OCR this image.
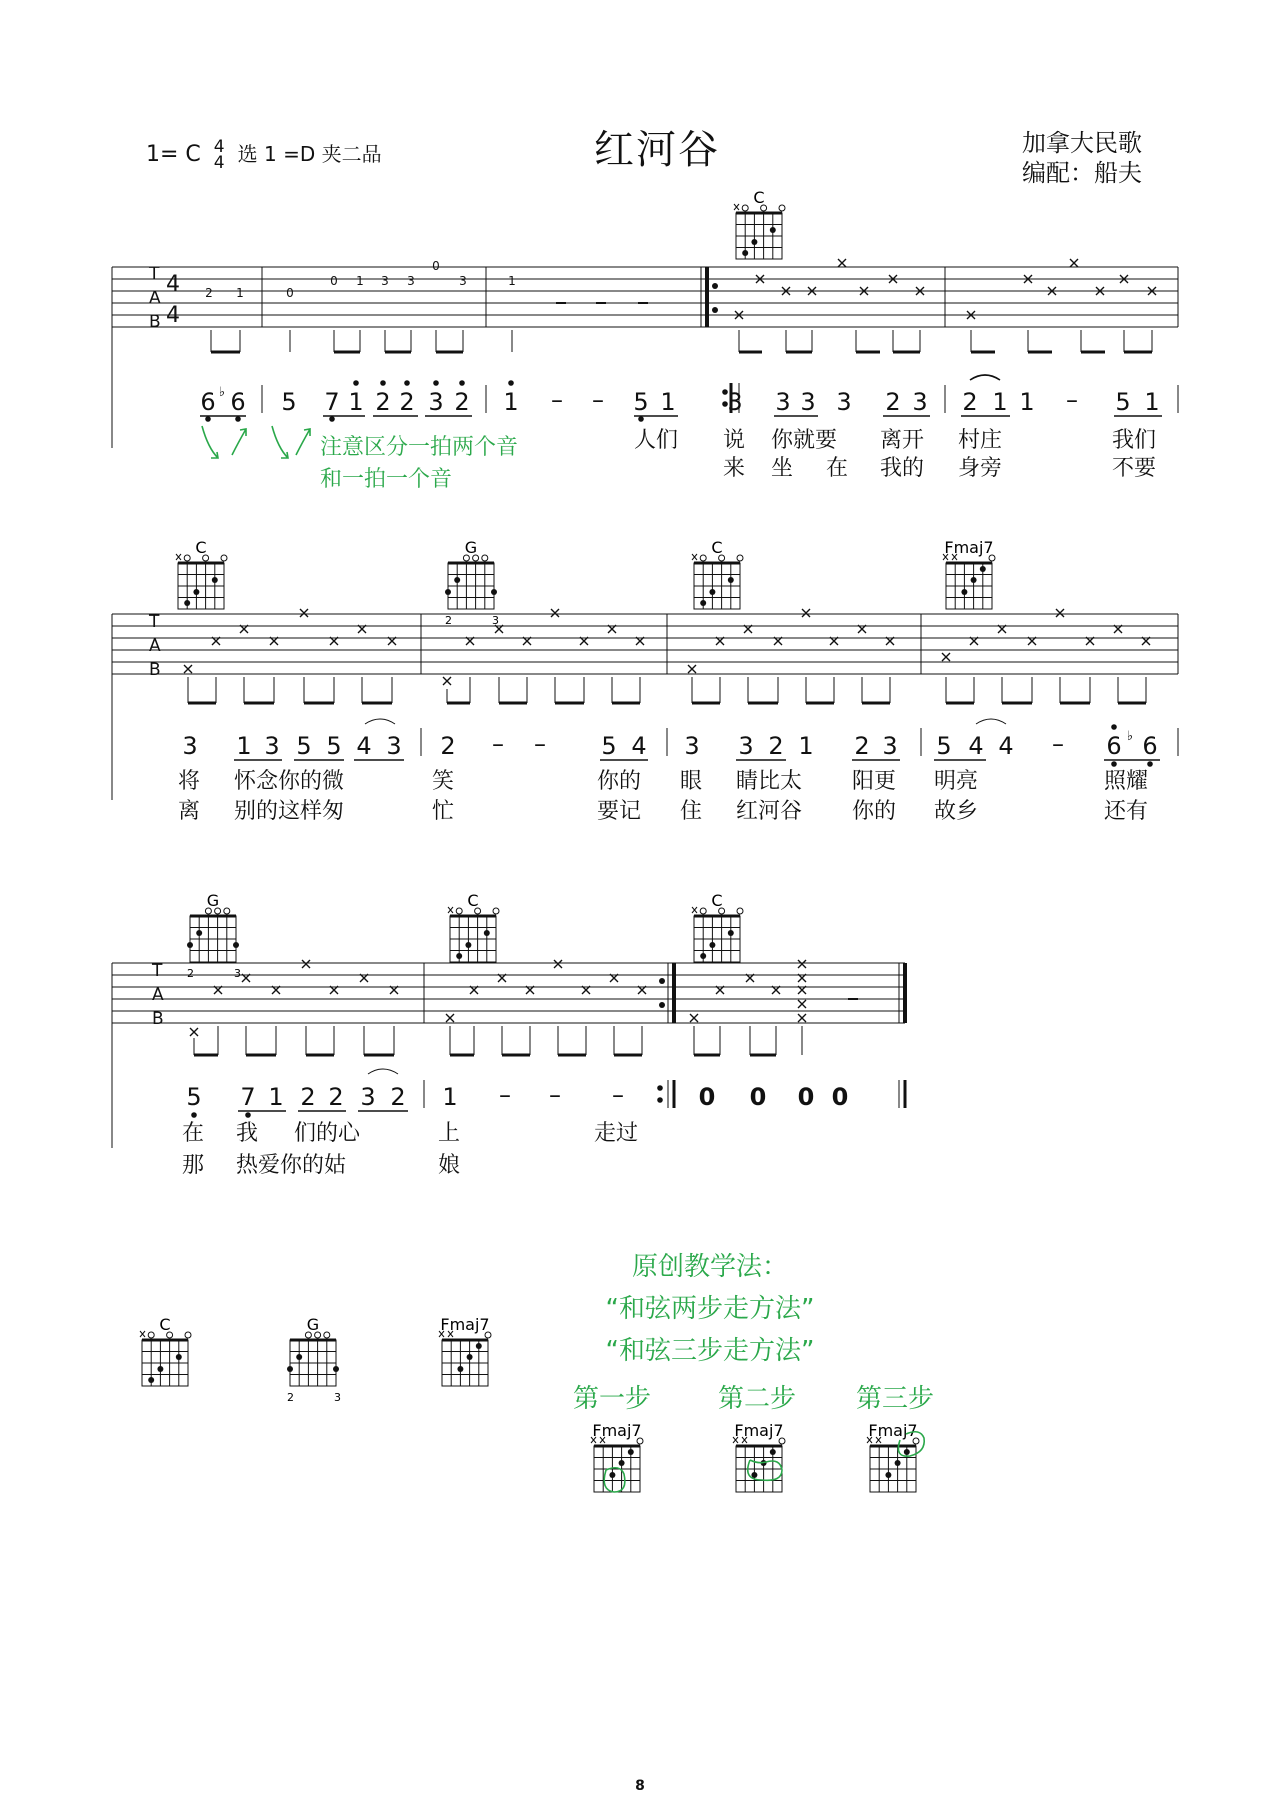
1= C 4
4 选 1 =D 夹二品	红河谷	加拿大民歌
编配：船夫
注意区分一拍两个音
和一拍一个音
原创教学法：
“和弦两步走方法”
“和弦三步走方法”
第一步	第二步 第三步
8
T
A
B
4
4
2 1	0
0 1 3 3
0
3	1
C
6 6
♭ 5 7 1 2 2 3 2 1 – – 5 1 3 3 3 3 2 3 2 1 1 – 5 1
人们 说 你就要 离开 村庄	我们
来 坐 在 我的 身旁	不要
T
A
B
C	G
2	3
C	Fmaj7
3 1 3 5 5 4 3 2 – – 5 4 3 3 2 1 2 3 5 4 4 – 6 6
♭
将 怀念你的微	笑	你的 眼 睛比太 阳更 明亮	照耀
离 别的这样匆	忙	要记 住 红河谷 你的 故乡	还有
T
A
B
G
2	3
C	C
5 7 1 2 2 3 2 1 – – –	0 0 0 0
在 我 们的心	上	走过
那 热爱你的姑	娘
C	G
2	3
Fmaj7
Fmaj7	Fmaj7	Fmaj7
